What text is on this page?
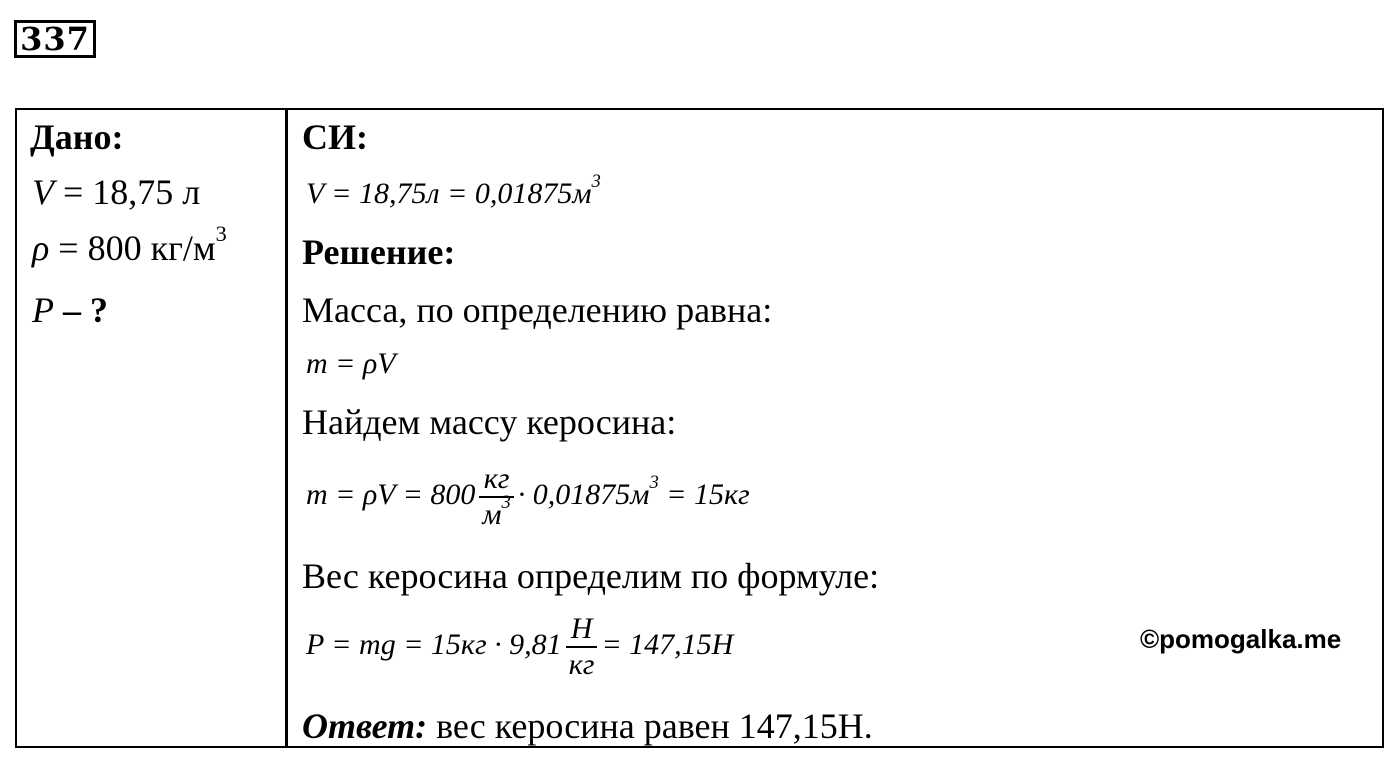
337
Дано:
V = 18,75 л
ρ = 800 $кг/м^3$
P – ?
СИ:
$V = 18,75л = 0,01875м^3$
Решение:
Масса, по определению равна:
m = ρV
Найдем массу керосина:
$m = \rho V = 800 \frac{кг}{м^3} \cdot 0,01875м^3 = 15кг$
Вес керосина определим по формуле:
P = mg = $15кг \cdot 9,81 \frac{Н}{кг} = 147,15Н$	©pomogalka.me
Ответ: вес керосина равен 147,15Н.
